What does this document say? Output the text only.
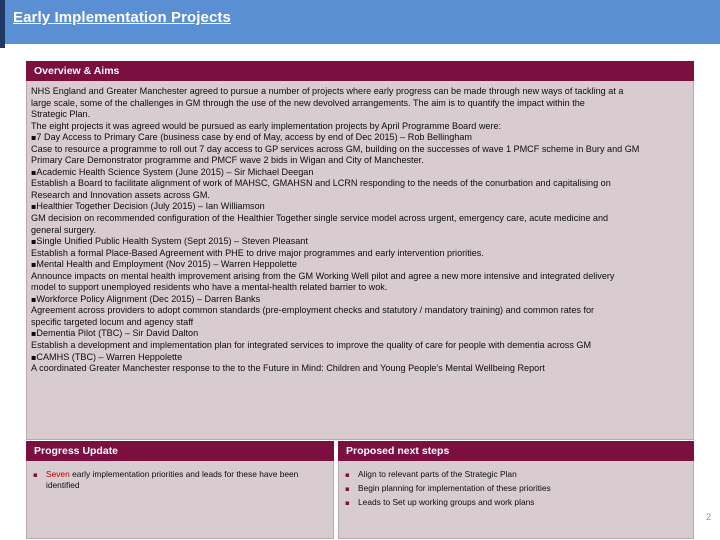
Early Implementation Projects
Overview & Aims
NHS England and Greater Manchester agreed to pursue a number of projects where early progress can be made through new ways of tackling at a
large scale, some of the challenges in GM through the use of the new devolved arrangements. The aim is to quantify the impact within the
Strategic Plan.
The eight projects it was agreed would be pursued as early implementation projects by April Programme Board were:
▪7 Day Access to Primary Care (business case by end of May, access by end of Dec 2015) – Rob Bellingham
Case to resource a programme to roll out 7 day access to GP services across GM, building on the successes of wave 1 PMCF scheme in Bury and GM
Primary Care Demonstrator programme and PMCF wave 2 bids in Wigan and City of Manchester.
▪Academic Health Science System (June 2015) – Sir Michael Deegan
Establish a Board to facilitate alignment of work of MAHSC, GMAHSN and LCRN responding to the needs of the conurbation and capitalising on
Research and Innovation assets across GM.
▪Healthier Together Decision (July 2015) – Ian Williamson
GM decision on recommended configuration of the Healthier Together single service model across urgent, emergency care, acute medicine and
general surgery.
▪Single Unified Public Health System (Sept 2015) – Steven Pleasant
Establish a formal Place-Based Agreement with PHE to drive major programmes and early intervention priorities.
▪Mental Health and Employment (Nov 2015) – Warren Heppolette
Announce impacts on mental health improvement arising from the GM Working Well pilot and agree a new more intensive and integrated delivery
model to support unemployed residents who have a mental-health related barrier to wok.
▪Workforce Policy Alignment (Dec 2015) – Darren Banks
Agreement across providers to adopt common standards (pre-employment checks and statutory / mandatory training) and common rates for
specific targeted locum and agency staff
▪Dementia Pilot (TBC) – Sir David Dalton
Establish a development and implementation plan for integrated services to improve the quality of care for people with dementia across GM
▪CAMHS (TBC) – Warren Heppolette
A coordinated Greater Manchester response to the to the Future in Mind: Children and Young People’s Mental Wellbeing Report
Progress Update
▪ Seven early implementation priorities and leads for these have been identified
Proposed next steps
▪ Align to relevant parts of the Strategic Plan
▪ Begin planning for implementation of these priorities
▪ Leads to Set up working groups and work plans
2
